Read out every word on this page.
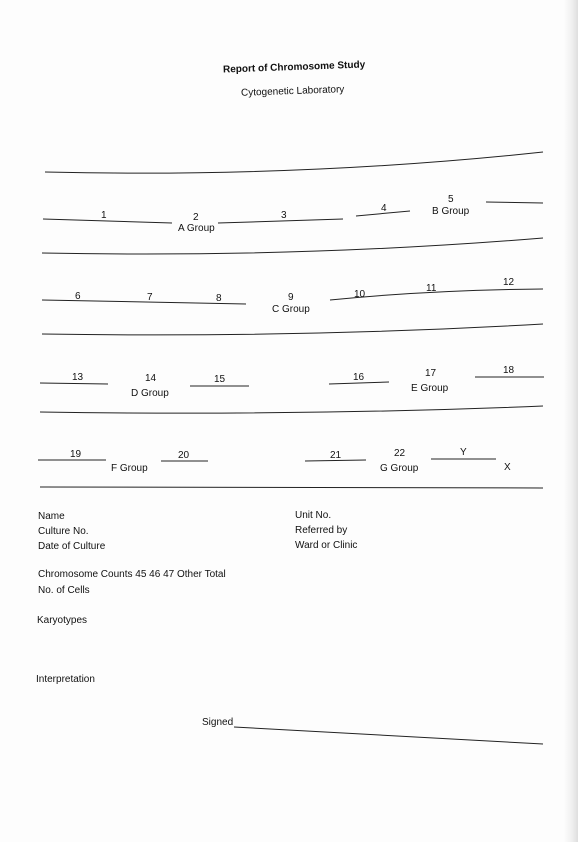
Report of Chromosome Study
Cytogenetic Laboratory
1	2
A Group
3
4
5
B Group
6	7	8	9
C Group
10
11
12
13	14
D Group
15	16	17
E Group
18
19	20
F Group
21	22
G Group
Y
X
Name
Culture No.
Date of Culture
Unit No.
Referred by
Ward or Clinic
Chromosome Counts 45 46 47 Other Total
No. of Cells
Karyotypes
Interpretation
Signed
